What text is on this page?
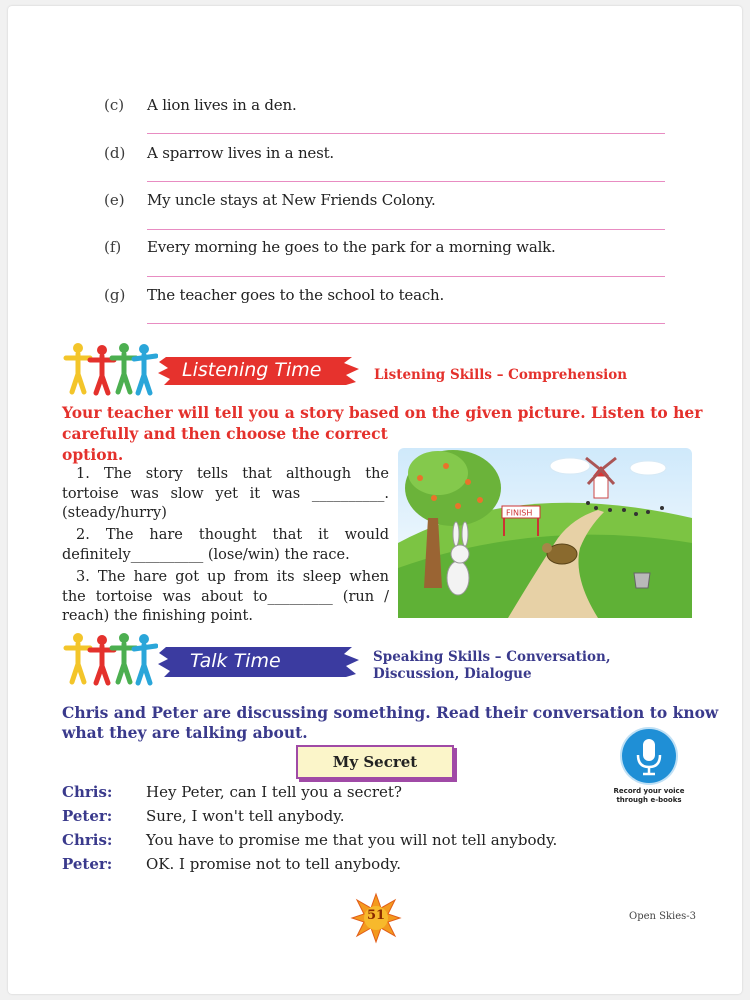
(c) A lion lives in a den.
(d) A sparrow lives in a nest.
(e) My uncle stays at New Friends Colony.
(f) Every morning he goes to the park for a morning walk.
(g) The teacher goes to the school to teach.
Listening Time	Listening Skills – Comprehension
Your teacher will tell you a story based on the given picture. Listen to her
carefully and then choose the correct
option.
1. The story tells that although the tortoise was slow yet it was __________. (steady/hurry)
2. The hare thought that it would definitely__________ (lose/win) the race.
3. The hare got up from its sleep when the tortoise was about to_________ (run / reach) the finishing point.
FINISH
Talk Time	Speaking Skills – Conversation,
Discussion, Dialogue
Chris and Peter are discussing something. Read their conversation to know
what they are talking about.
My Secret
Record your voice
through e-books
Chris: Hey Peter, can I tell you a secret?
Peter: Sure, I won't tell anybody.
Chris: You have to promise me that you will not tell anybody.
Peter: OK. I promise not to tell anybody.
51	Open Skies-3
